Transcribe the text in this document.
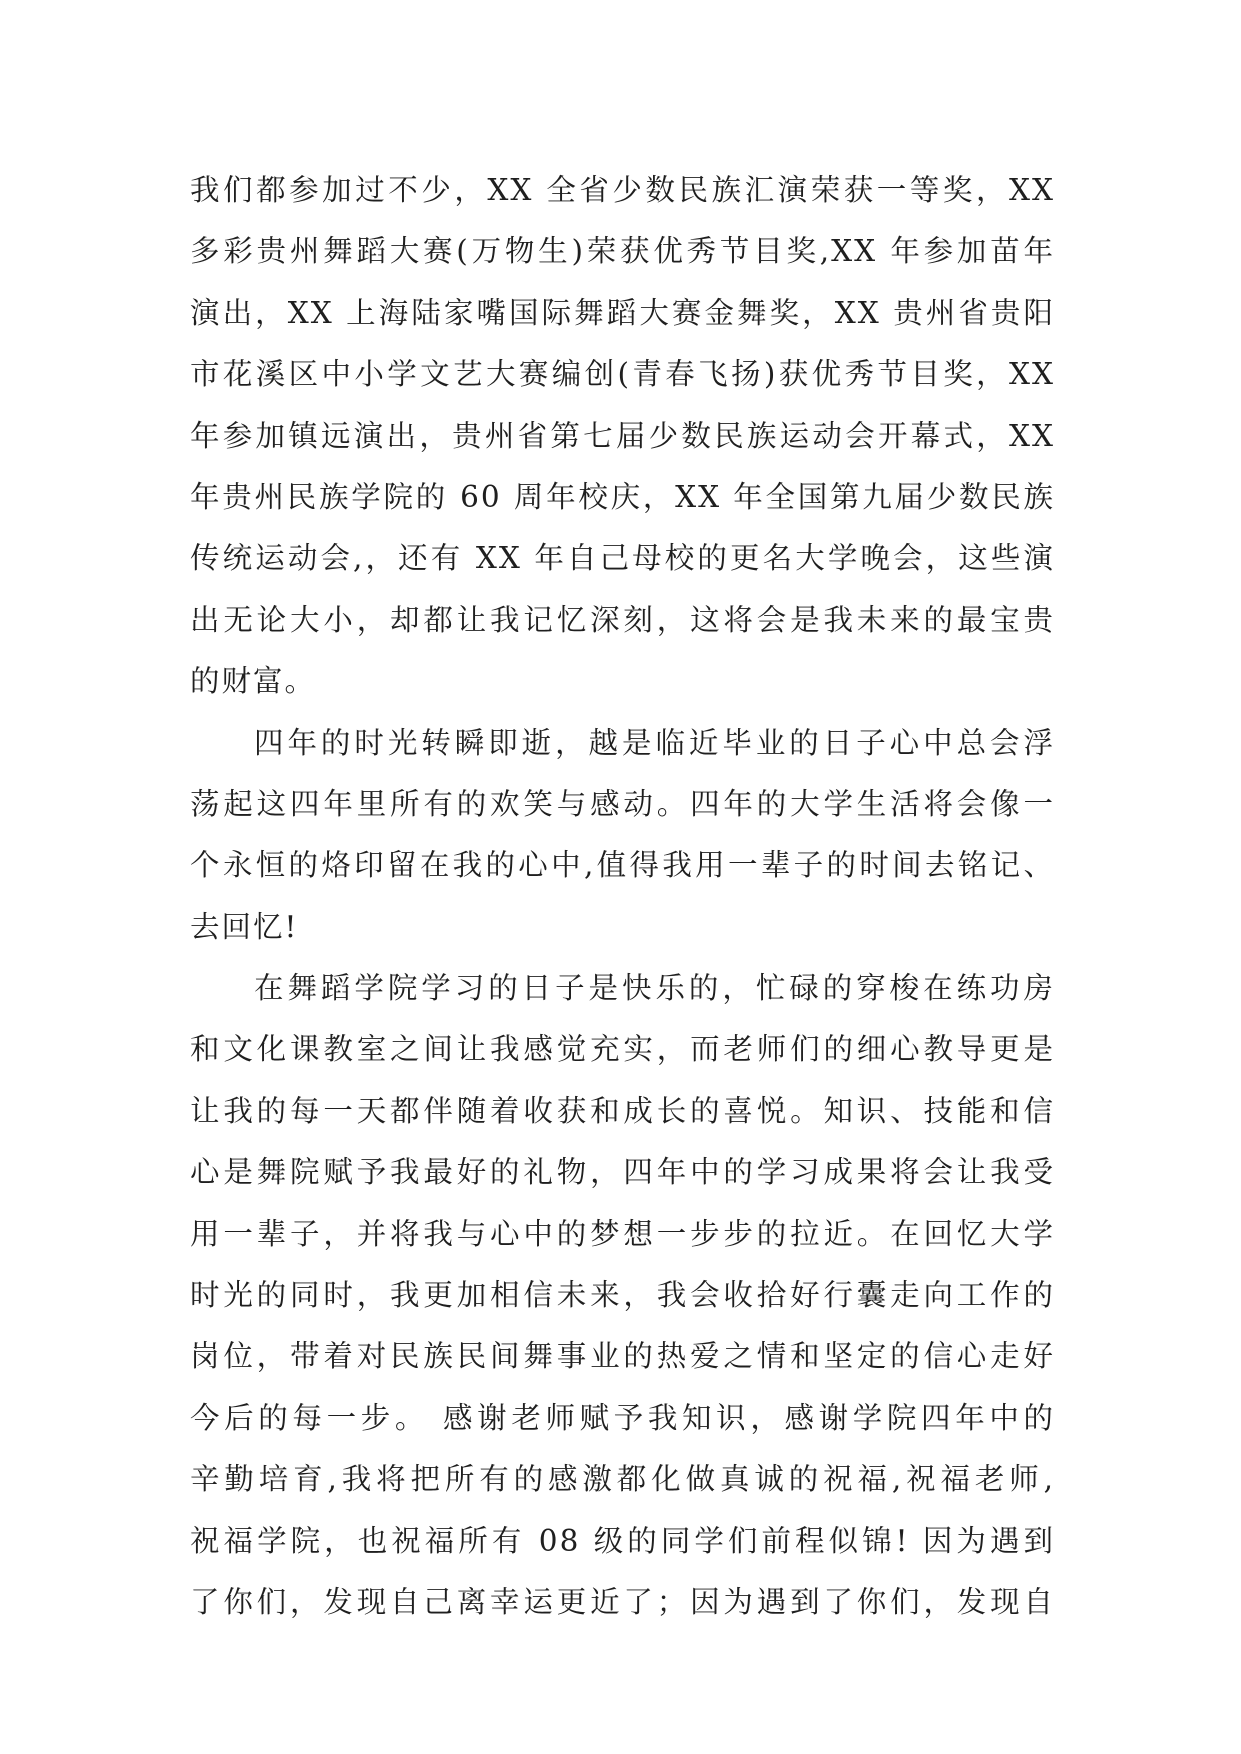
我们都参加过不少，XX 全省少数民族汇演荣获一等奖，XX
多彩贵州舞蹈大赛(万物生)荣获优秀节目奖,XX 年参加苗年
演出，XX 上海陆家嘴国际舞蹈大赛金舞奖，XX 贵州省贵阳
市花溪区中小学文艺大赛编创(青春飞扬)获优秀节目奖，XX
年参加镇远演出，贵州省第七届少数民族运动会开幕式，XX
年贵州民族学院的 60 周年校庆，XX 年全国第九届少数民族
传统运动会,，还有 XX 年自己母校的更名大学晚会，这些演
出无论大小，却都让我记忆深刻，这将会是我未来的最宝贵
的财富。
四年的时光转瞬即逝，越是临近毕业的日子心中总会浮
荡起这四年里所有的欢笑与感动。四年的大学生活将会像一
个永恒的烙印留在我的心中,值得我用一辈子的时间去铭记、
去回忆!
在舞蹈学院学习的日子是快乐的，忙碌的穿梭在练功房
和文化课教室之间让我感觉充实，而老师们的细心教导更是
让我的每一天都伴随着收获和成长的喜悦。知识、技能和信
心是舞院赋予我最好的礼物，四年中的学习成果将会让我受
用一辈子，并将我与心中的梦想一步步的拉近。在回忆大学
时光的同时，我更加相信未来，我会收拾好行囊走向工作的
岗位，带着对民族民间舞事业的热爱之情和坚定的信心走好
今后的每一步。 感谢老师赋予我知识，感谢学院四年中的
辛勤培育,我将把所有的感激都化做真诚的祝福,祝福老师,
祝福学院，也祝福所有 08 级的同学们前程似锦! 因为遇到
了你们，发现自己离幸运更近了；因为遇到了你们，发现自
